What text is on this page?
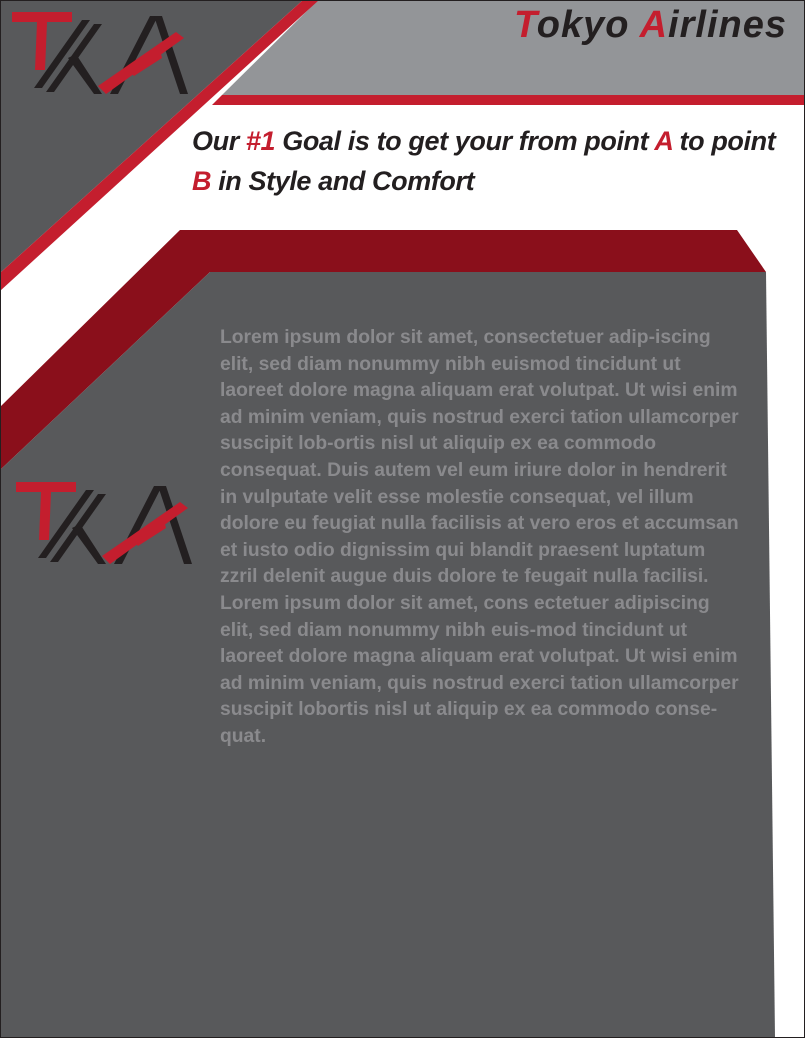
Tokyo Airlines
Our #1 Goal is to get your from point A to point
B in Style and Comfort

Lorem ipsum dolor sit amet, consectetuer adip-iscing elit, sed diam nonummy nibh euismod tincidunt ut laoreet dolore magna aliquam erat volutpat. Ut wisi enim ad minim veniam, quis nostrud exerci tation ullamcorper suscipit lob-ortis nisl ut aliquip ex ea commodo consequat. Duis autem vel eum iriure dolor in hendrerit in vulputate velit esse molestie consequat, vel illum dolore eu feugiat nulla facilisis at vero eros et accumsan et iusto odio dignissim qui blandit praesent luptatum zzril delenit augue duis dolore te feugait nulla facilisi.

Lorem ipsum dolor sit amet, cons ectetuer adipiscing elit, sed diam nonummy nibh euis-mod tincidunt ut laoreet dolore magna aliquam erat volutpat. Ut wisi enim ad minim veniam, quis nostrud exerci tation ullamcorper suscipit lobortis nisl ut aliquip ex ea commodo conse-quat.
